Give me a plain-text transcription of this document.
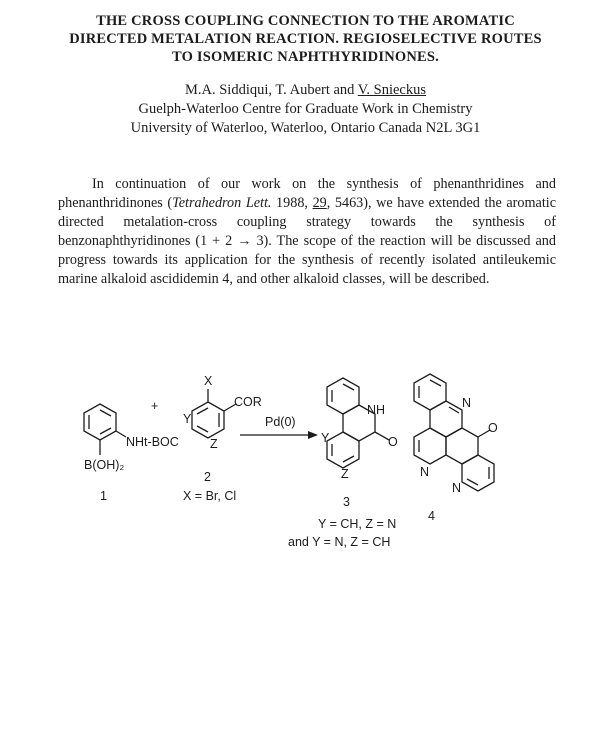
THE CROSS COUPLING CONNECTION TO THE AROMATIC
DIRECTED METALATION REACTION. REGIOSELECTIVE ROUTES
TO ISOMERIC NAPHTHYRIDINONES.
M.A. Siddiqui, T. Aubert and V. Snieckus
Guelph-Waterloo Centre for Graduate Work in Chemistry
University of Waterloo, Waterloo, Ontario Canada N2L 3G1

In continuation of our work on the synthesis of phenanthridines and phenanthridinones (Tetrahedron Lett. 1988, 29, 5463), we have extended the aromatic directed metalation-cross coupling strategy towards the synthesis of benzonaphthyridinones (1 + 2 → 3). The scope of the reaction will be discussed and progress towards its application for the synthesis of recently isolated antileukemic marine alkaloid ascididemin 4, and other alkaloid classes, will be described.

+
NHt-BOC
B(OH)₂
1
X
COR
Y
Z
2
X = Br, Cl
Pd(0)
NH
O
Y
Z
3
N
O
N
N
4
Y = CH, Z = N
and Y = N, Z = CH
